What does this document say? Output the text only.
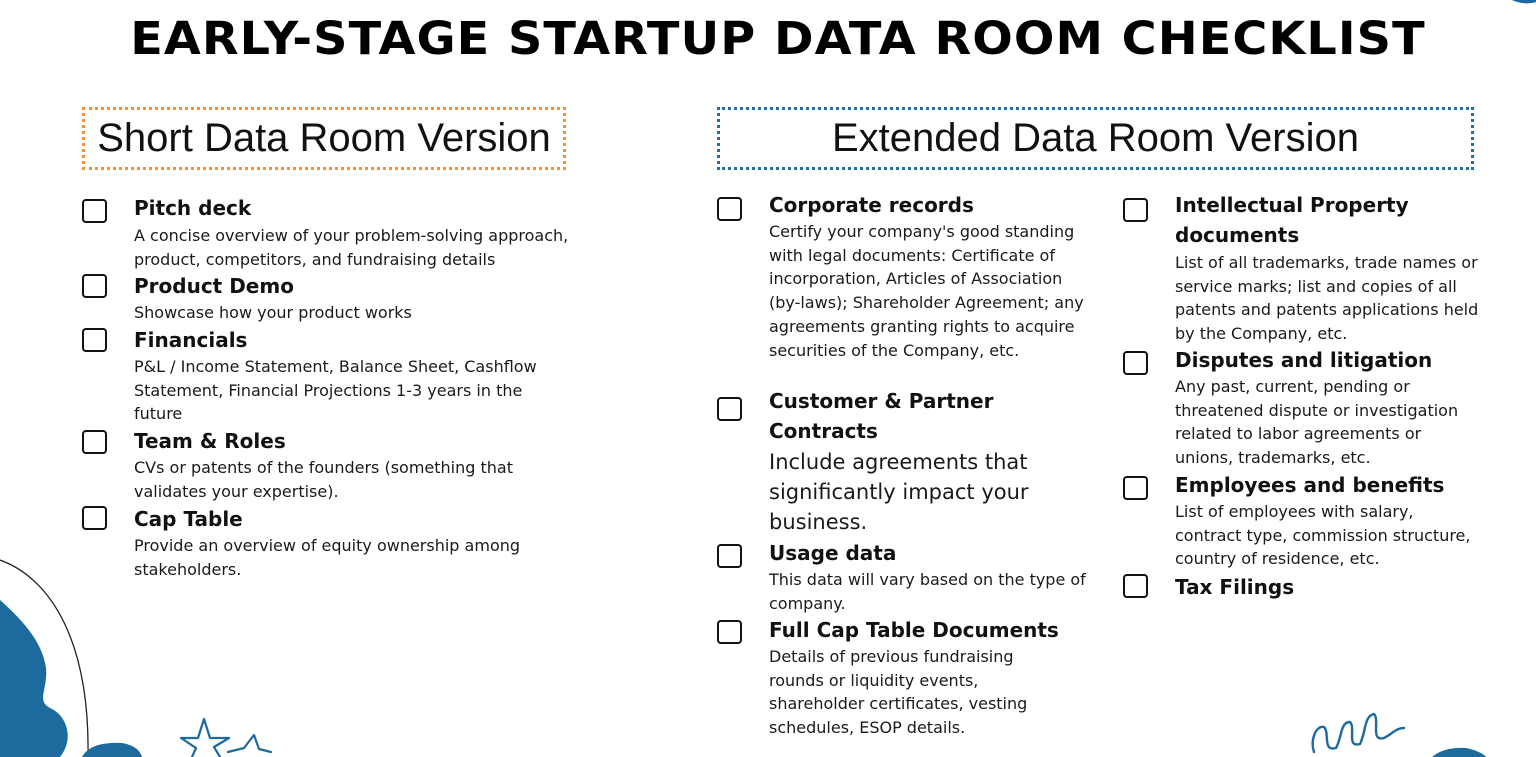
EARLY-STAGE STARTUP DATA ROOM CHECKLIST
Short Data Room Version	Extended Data Room Version
Pitch deck
A concise overview of your problem-solving approach, product, competitors, and fundraising details
Product Demo
Showcase how your product works
Financials
P&L / Income Statement, Balance Sheet, Cashflow Statement, Financial Projections 1-3 years in the future
Team & Roles
CVs or patents of the founders (something that validates your expertise).
Cap Table
Provide an overview of equity ownership among stakeholders.
Corporate records
Certify your company's good standing with legal documents: Certificate of incorporation, Articles of Association (by-laws); Shareholder Agreement; any agreements granting rights to acquire securities of the Company, etc.
Customer & Partner Contracts
Include agreements that significantly impact your business.
Usage data
This data will vary based on the type of company.
Full Cap Table Documents
Details of previous fundraising rounds or liquidity events, shareholder certificates, vesting schedules, ESOP details.
Intellectual Property documents
List of all trademarks, trade names or service marks; list and copies of all patents and patents applications held by the Company, etc.
Disputes and litigation
Any past, current, pending or threatened dispute or investigation related to labor agreements or unions, trademarks, etc.
Employees and benefits
List of employees with salary, contract type, commission structure, country of residence, etc.
Tax Filings
